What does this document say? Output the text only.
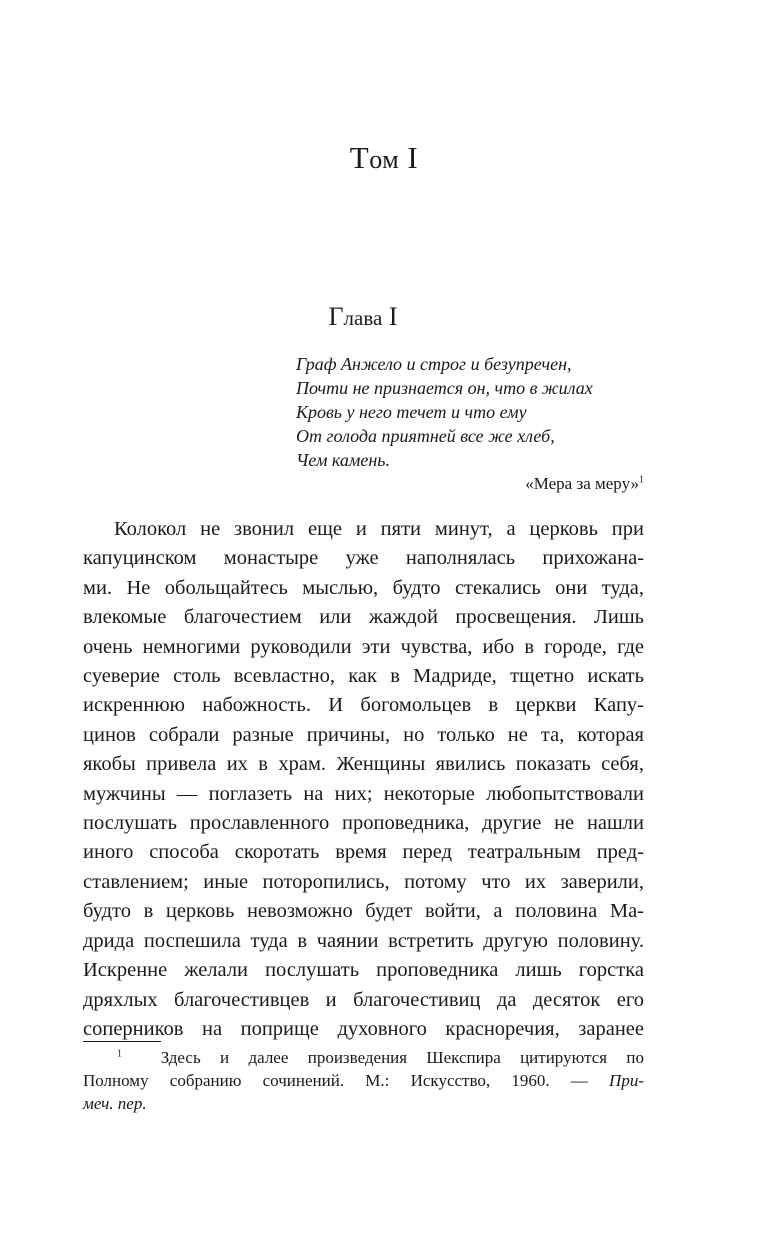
Том I
Глава I
Граф Анжело и строг и безупречен,
Почти не признается он, что в жилах
Кровь у него течет и что ему
От голода приятней все же хлеб,
Чем камень.
«Мера за меру»$^1$
Колокол не звонил еще и пяти минут, а церковь при
капуцинском монастыре уже наполнялась прихожана-
ми. Не обольщайтесь мыслью, будто стекались они туда,
влекомые благочестием или жаждой просвещения. Лишь
очень немногими руководили эти чувства, ибо в городе, где
суеверие столь всевластно, как в Мадриде, тщетно искать
искреннюю набожность. И богомольцев в церкви Капу-
цинов собрали разные причины, но только не та, которая
якобы привела их в храм. Женщины явились показать себя,
мужчины — поглазеть на них; некоторые любопытствовали
послушать прославленного проповедника, другие не нашли
иного способа скоротать время перед театральным пред-
ставлением; иные поторопились, потому что их заверили,
будто в церковь невозможно будет войти, а половина Ма-
дрида поспешила туда в чаянии встретить другую половину.
Искренне желали послушать проповедника лишь горстка
дряхлых благочестивцев и благочестивиц да десяток его
соперников на поприще духовного красноречия, заранее
$^1$ Здесь и далее произведения Шекспира цитируются по
Полному собранию сочинений. М.: Искусство, 1960. — При-
меч. пер.
